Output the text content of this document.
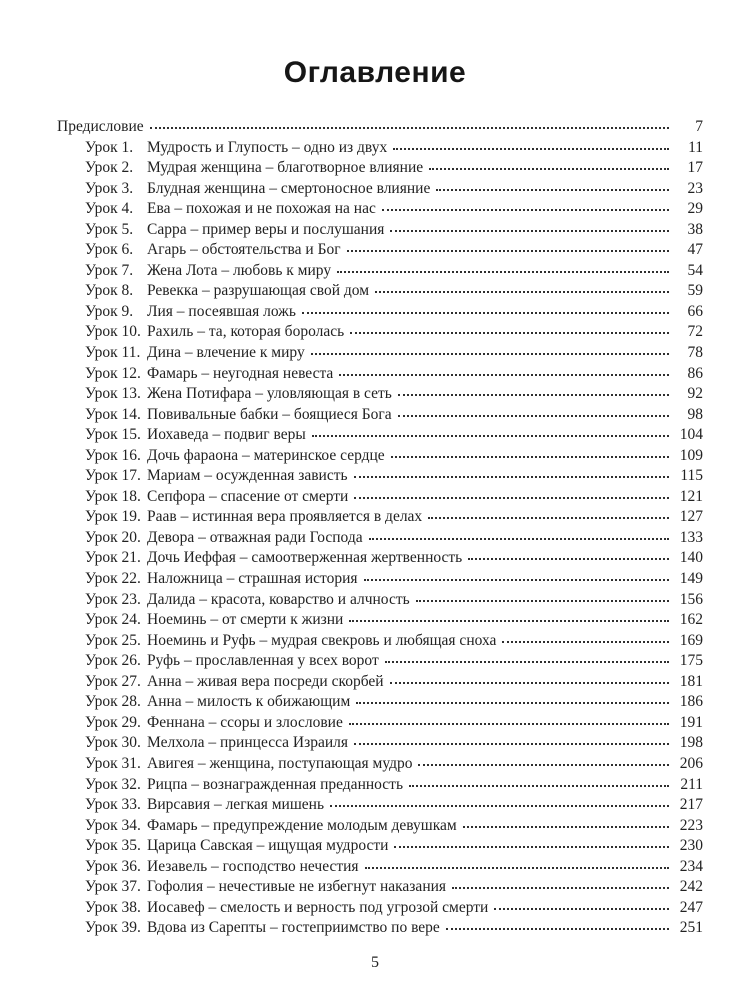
Оглавление
Предисловие	7
Урок 1. Мудрость и Глупость – одно из двух	11
Урок 2. Мудрая женщина – благотворное влияние	17
Урок 3. Блудная женщина – смертоносное влияние	23
Урок 4. Ева – похожая и не похожая на нас	29
Урок 5. Сарра – пример веры и послушания	38
Урок 6. Агарь – обстоятельства и Бог	47
Урок 7. Жена Лота – любовь к миру	54
Урок 8. Ревекка – разрушающая свой дом	59
Урок 9. Лия – посеявшая ложь	66
Урок 10. Рахиль – та, которая боролась	72
Урок 11. Дина – влечение к миру	78
Урок 12. Фамарь – неугодная невеста	86
Урок 13. Жена Потифара – уловляющая в сеть	92
Урок 14. Повивальные бабки – боящиеся Бога	98
Урок 15. Иохаведа – подвиг веры	104
Урок 16. Дочь фараона – материнское сердце	109
Урок 17. Мариам – осужденная зависть	115
Урок 18. Сепфора – спасение от смерти	121
Урок 19. Раав – истинная вера проявляется в делах	127
Урок 20. Девора – отважная ради Господа	133
Урок 21. Дочь Иеффая – самоотверженная жертвенность	140
Урок 22. Наложница – страшная история	149
Урок 23. Далида – красота, коварство и алчность	156
Урок 24. Ноеминь – от смерти к жизни	162
Урок 25. Ноеминь и Руфь – мудрая свекровь и любящая сноха	169
Урок 26. Руфь – прославленная у всех ворот	175
Урок 27. Анна – живая вера посреди скорбей	181
Урок 28. Анна – милость к обижающим	186
Урок 29. Феннана – ссоры и злословие	191
Урок 30. Мелхола – принцесса Израиля	198
Урок 31. Авигея – женщина, поступающая мудро	206
Урок 32. Рицпа – вознагражденная преданность	211
Урок 33. Вирсавия – легкая мишень	217
Урок 34. Фамарь – предупреждение молодым девушкам	223
Урок 35. Царица Савская – ищущая мудрости	230
Урок 36. Иезавель – господство нечестия	234
Урок 37. Гофолия – нечестивые не избегнут наказания	242
Урок 38. Иосавеф – смелость и верность под угрозой смерти	247
Урок 39. Вдова из Сарепты – гостеприимство по вере	251
5
